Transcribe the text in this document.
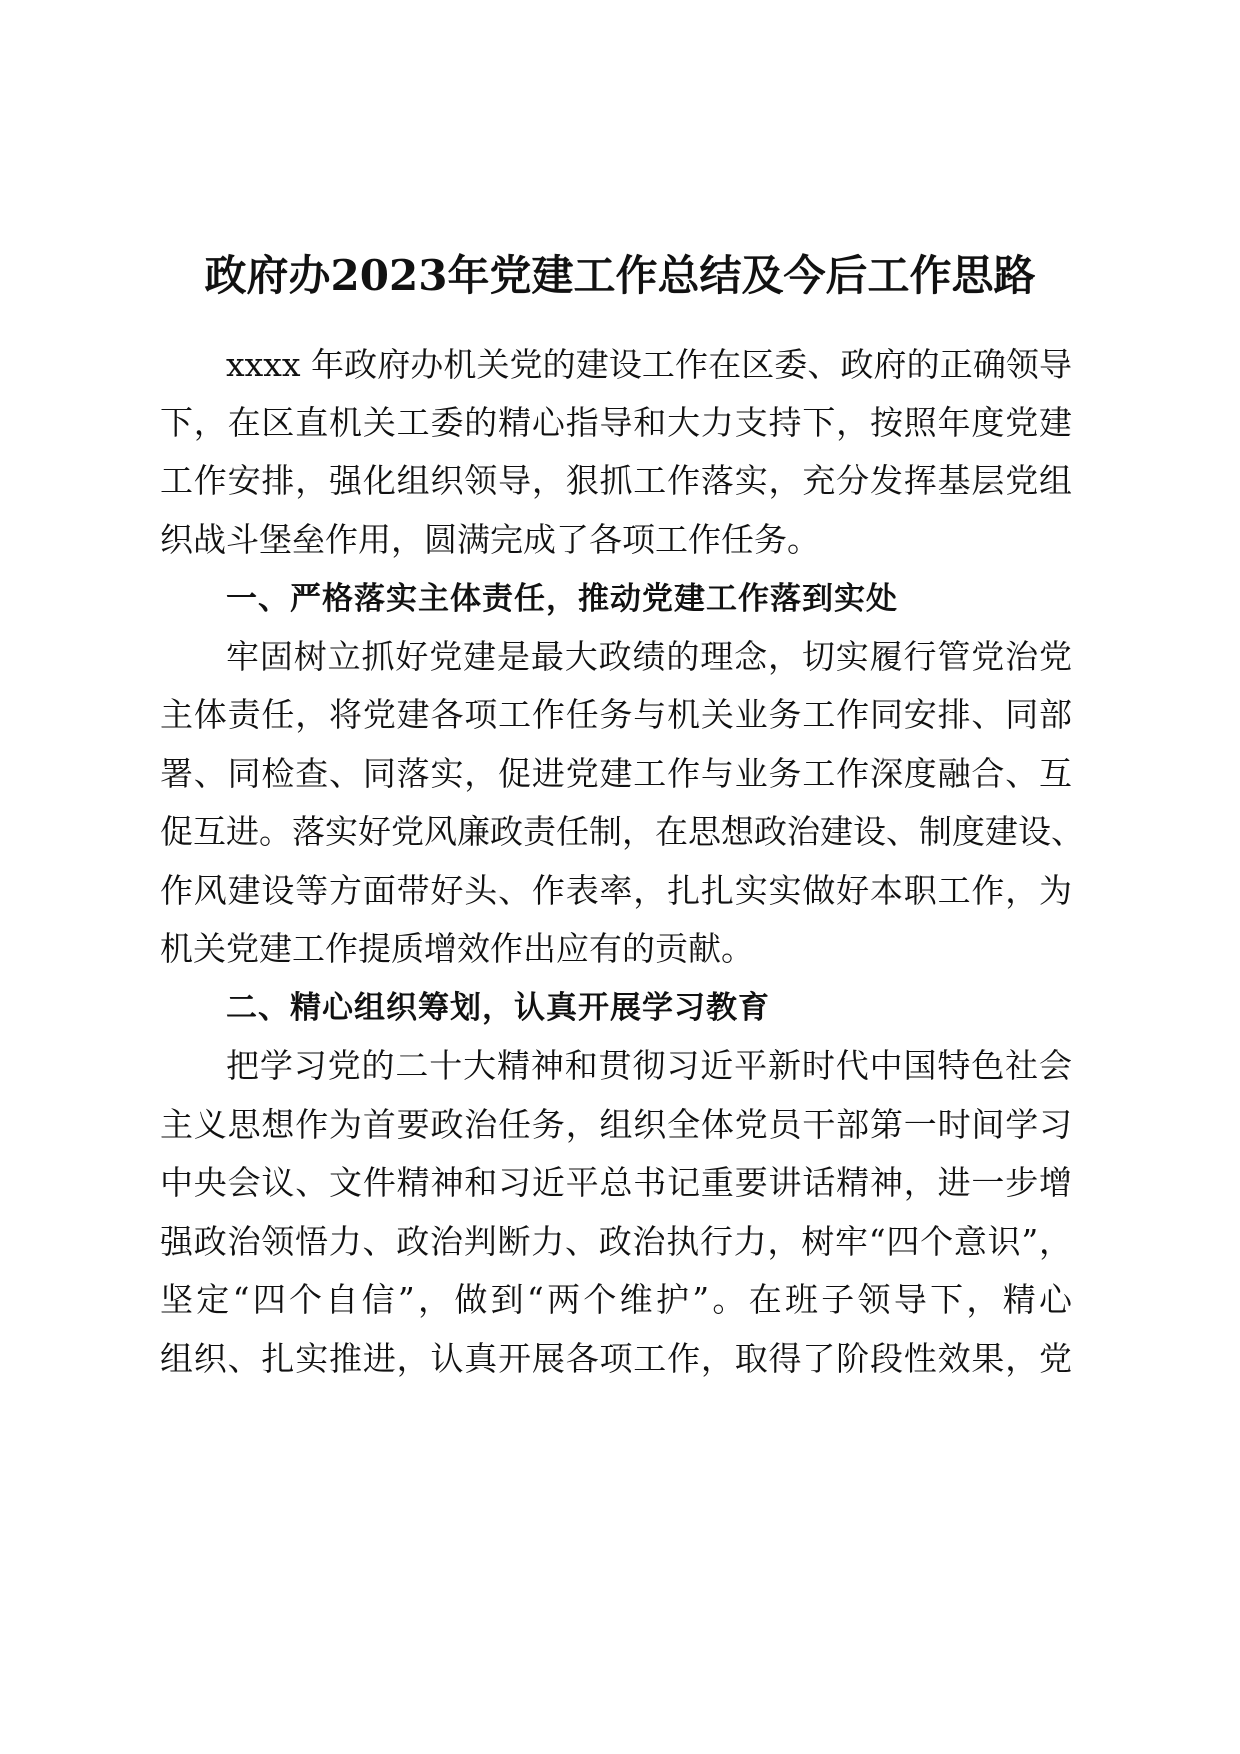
政府办2023年党建工作总结及今后工作思路
xxxx 年政府办机关党的建设工作在区委、政府的正确领导
下，在区直机关工委的精心指导和大力支持下，按照年度党建
工作安排，强化组织领导，狠抓工作落实，充分发挥基层党组
织战斗堡垒作用，圆满完成了各项工作任务。
一、严格落实主体责任，推动党建工作落到实处
牢固树立抓好党建是最大政绩的理念，切实履行管党治党
主体责任，将党建各项工作任务与机关业务工作同安排、同部
署、同检查、同落实，促进党建工作与业务工作深度融合、互
促互进。落实好党风廉政责任制，在思想政治建设、制度建设、
作风建设等方面带好头、作表率，扎扎实实做好本职工作，为
机关党建工作提质增效作出应有的贡献。
二、精心组织筹划，认真开展学习教育
把学习党的二十大精神和贯彻习近平新时代中国特色社会
主义思想作为首要政治任务，组织全体党员干部第一时间学习
中央会议、文件精神和习近平总书记重要讲话精神，进一步增
强政治领悟力、政治判断力、政治执行力，树牢“四个意识”，
坚定“四个自信”，做到“两个维护”。在班子领导下，精心
组织、扎实推进，认真开展各项工作，取得了阶段性效果，党
